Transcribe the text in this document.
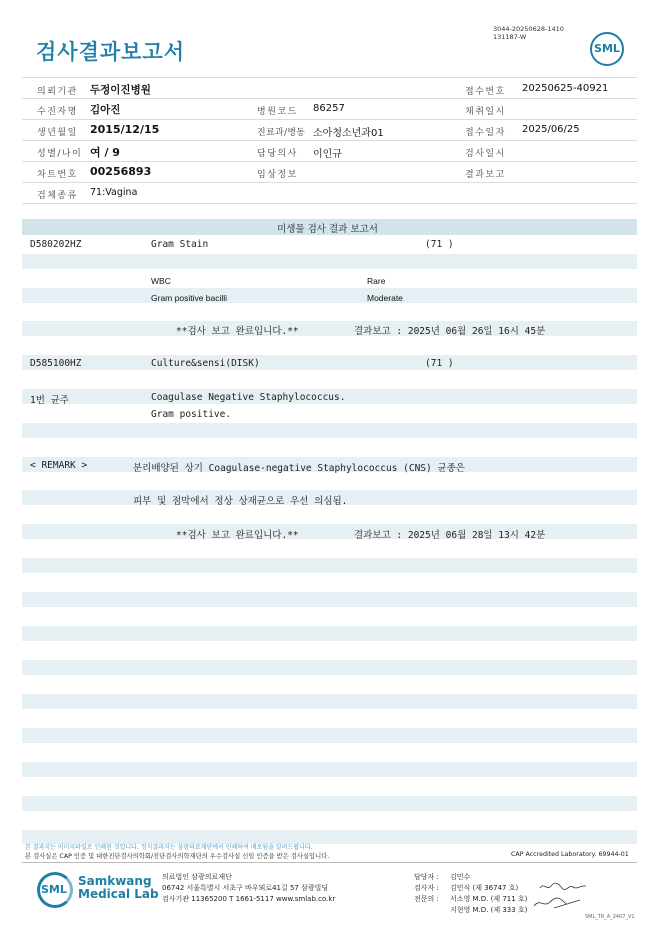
검사결과보고서
3044-20250628-1410
131187-W
SML
의뢰기관 두정이진병원	접수번호 20250625-40921
수진자명 김아진	병원코드 86257	채취일시
생년월일 2015/12/15	진료과/병동 소아청소년과01	접수일자 2025/06/25
성별/나이 여 / 9	담당의사 이인규	검사일시
차트번호 00256893	임상정보	결과보고
검체종류 71:Vagina
미생물 검사 결과 보고서
D580202HZ	Gram Stain	(71 )
WBC	Rare
Gram positive bacilli	Moderate
**검사 보고 완료입니다.**	결과보고 : 2025년 06월 26일 16시 45분
D585100HZ	Culture&sensi(DISK)	(71 )
1번 균주	Coagulase Negative Staphylococcus.
Gram positive.
< REMARK >	분리배양된 상기 Coagulase-negative Staphylococcus (CNS) 균종은
피부 및 점막에서 정상 상재균으로 우선 의심됨.
**검사 보고 완료입니다.**	결과보고 : 2025년 06월 28일 13시 42분
본 결과지는 이미지파일로 인쇄된 것입니다. 정식결과지는 삼광의료재단에서 인쇄하여 배포됨을 알려드립니다.
본 검사실은 CAP 인증 및 대한진단검사의학회/진단검사의학재단의 우수검사실 신임 인증을 받은 검사실입니다.	CAP Accredited Laboratory. 69944-01
SML
Samkwang
Medical Lab
의료법인 삼광의료재단
06742 서울특별시 서초구 바우뫼로41길 57 삼광빌딩
검사기관 11365200 T 1661-5117 www.smlab.co.kr
담당자 : 김민수
검사자 : 김민식 (제 36747 호)
전문의 : 서소영 M.D. (제 711 호)
지현영 M.D. (제 333 호)
SML_TR_A_2407_V1
